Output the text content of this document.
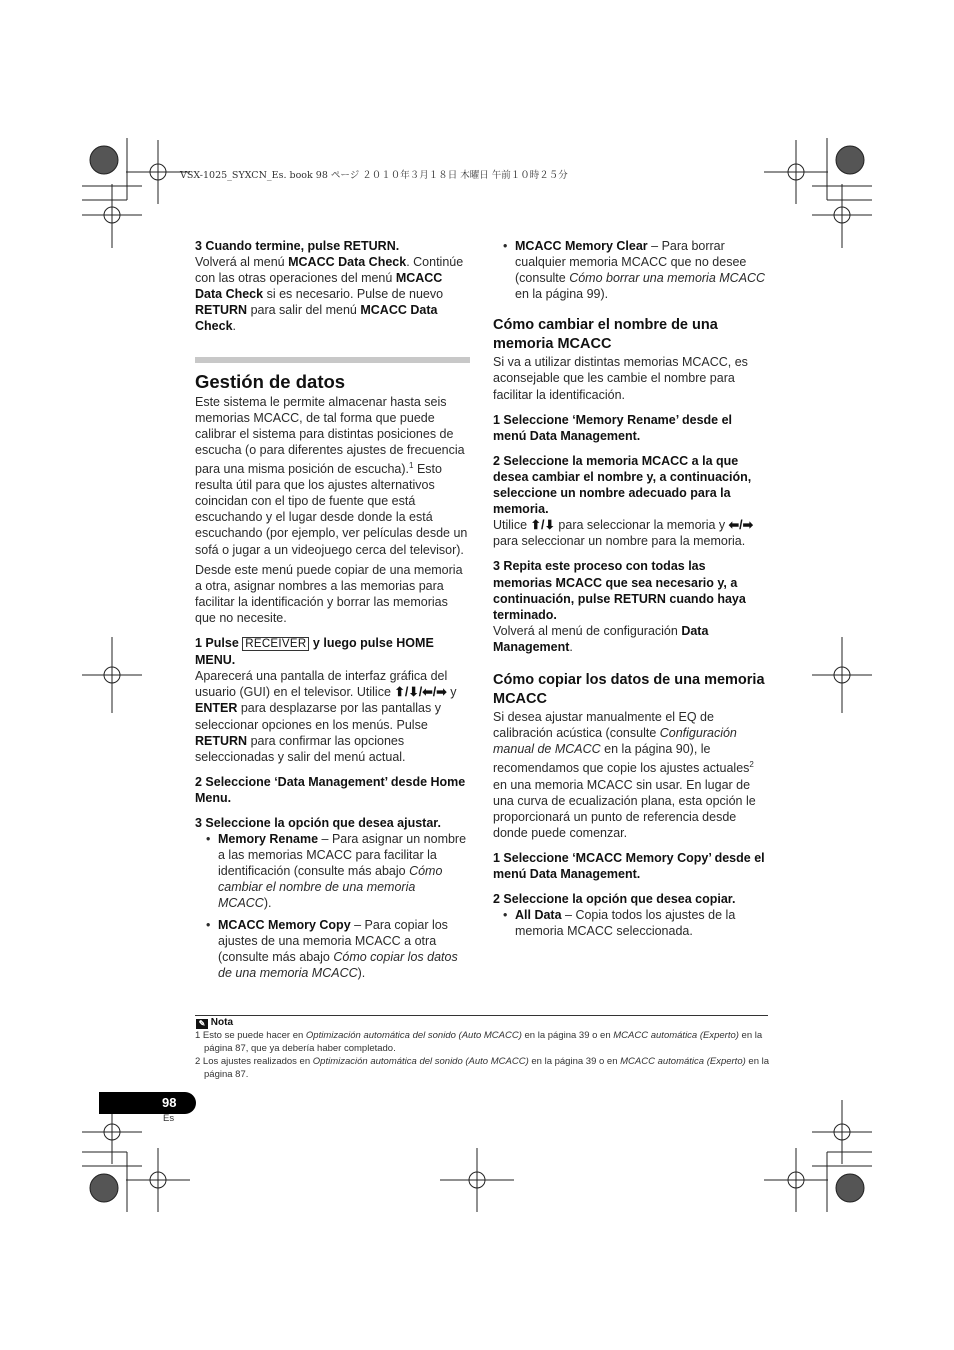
VSX-1025_SYXCN_Es. book 98 ページ ２０１０年３月１８日 木曜日 午前１０時２５分

3 Cuando termine, pulse RETURN.

Volverá al menú MCACC Data Check. Continúe con las otras operaciones del menú MCACC Data Check si es necesario. Pulse de nuevo RETURN para salir del menú MCACC Data Check.

Gestión de datos

Este sistema le permite almacenar hasta seis memorias MCACC, de tal forma que puede calibrar el sistema para distintas posiciones de escucha (o para diferentes ajustes de frecuencia para una misma posición de escucha).$^1$ Esto resulta útil para que los ajustes alternativos coincidan con el tipo de fuente que está escuchando y el lugar desde donde la está escuchando (por ejemplo, ver películas desde un sofá o jugar a un videojuego cerca del televisor).

Desde este menú puede copiar de una memoria a otra, asignar nombres a las memorias para facilitar la identificación y borrar las memorias que no necesite.

1 Pulse RECEIVER y luego pulse HOME MENU.

Aparecerá una pantalla de interfaz gráfica del usuario (GUI) en el televisor. Utilice ⬆/⬇/⬅/➡ y ENTER para desplazarse por las pantallas y seleccionar opciones en los menús. Pulse RETURN para confirmar las opciones seleccionadas y salir del menú actual.

2 Seleccione ‘Data Management’ desde Home Menu.

3 Seleccione la opción que desea ajustar.

• Memory Rename – Para asignar un nombre a las memorias MCACC para facilitar la identificación (consulte más abajo Cómo cambiar el nombre de una memoria MCACC).

• MCACC Memory Copy – Para copiar los ajustes de una memoria MCACC a otra (consulte más abajo Cómo copiar los datos de una memoria MCACC).

• MCACC Memory Clear – Para borrar cualquier memoria MCACC que no desee (consulte Cómo borrar una memoria MCACC en la página 99).

Cómo cambiar el nombre de una memoria MCACC

Si va a utilizar distintas memorias MCACC, es aconsejable que les cambie el nombre para facilitar la identificación.

1 Seleccione ‘Memory Rename’ desde el menú Data Management.

2 Seleccione la memoria MCACC a la que desea cambiar el nombre y, a continuación, seleccione un nombre adecuado para la memoria.

Utilice ⬆/⬇ para seleccionar la memoria y ⬅/➡ para seleccionar un nombre para la memoria.

3 Repita este proceso con todas las memorias MCACC que sea necesario y, a continuación, pulse RETURN cuando haya terminado.

Volverá al menú de configuración Data Management.

Cómo copiar los datos de una memoria MCACC

Si desea ajustar manualmente el EQ de calibración acústica (consulte Configuración manual de MCACC en la página 90), le recomendamos que copie los ajustes actuales$^2$ en una memoria MCACC sin usar. En lugar de una curva de ecualización plana, esta opción le proporcionará un punto de referencia desde donde puede comenzar.

1 Seleccione ‘MCACC Memory Copy’ desde el menú Data Management.

2 Seleccione la opción que desea copiar.

• All Data – Copia todos los ajustes de la memoria MCACC seleccionada.

✎ Nota
1 Esto se puede hacer en Optimización automática del sonido (Auto MCACC) en la página 39 o en MCACC automática (Experto) en la página 87, que ya debería haber completado.
2 Los ajustes realizados en Optimización automática del sonido (Auto MCACC) en la página 39 o en MCACC automática (Experto) en la página 87.
98
Es
